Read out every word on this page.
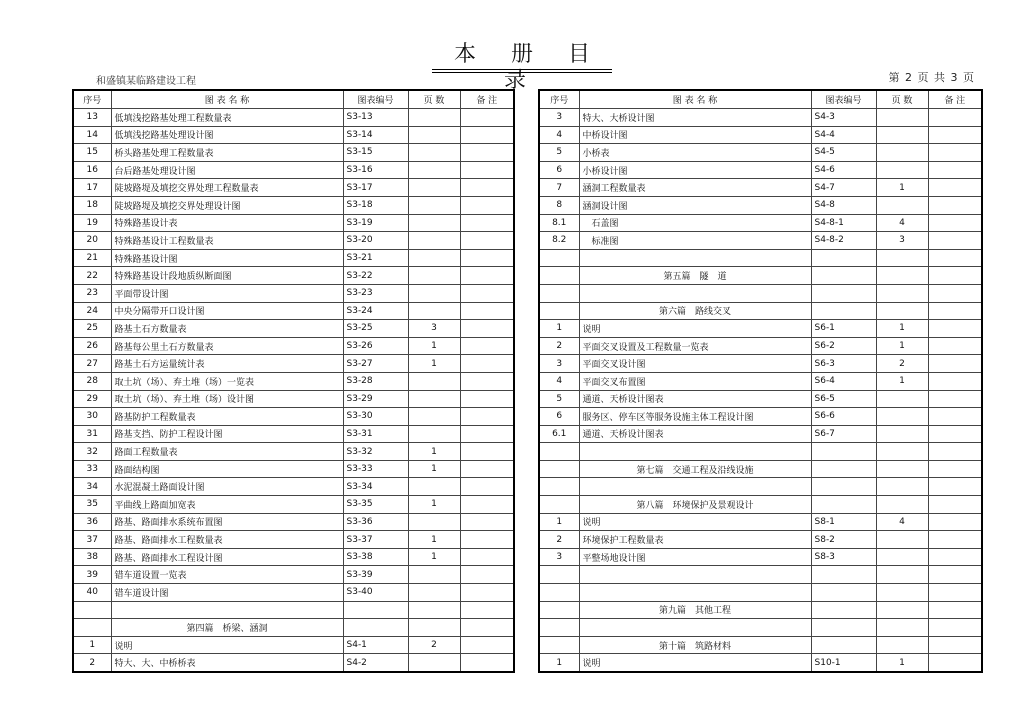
本 册 目 录
和盛镇某临路建设工程	第 2 页 共 3 页
序号	图 表 名 称	图表编号	页 数	备 注
13	低填浅挖路基处理工程数量表	S3-13		
14	低填浅挖路基处理设计图	S3-14		
15	桥头路基处理工程数量表	S3-15		
16	台后路基处理设计图	S3-16		
17	陡坡路堤及填挖交界处理工程数量表	S3-17		
18	陡坡路堤及填挖交界处理设计图	S3-18		
19	特殊路基设计表	S3-19		
20	特殊路基设计工程数量表	S3-20		
21	特殊路基设计图	S3-21		
22	特殊路基设计段地质纵断面图	S3-22		
23	平面带设计图	S3-23		
24	中央分隔带开口设计图	S3-24		
25	路基土石方数量表	S3-25	3	
26	路基每公里土石方数量表	S3-26	1	
27	路基土石方运量统计表	S3-27	1	
28	取土坑（场）、弃土堆（场）一览表	S3-28		
29	取土坑（场）、弃土堆（场）设计图	S3-29		
30	路基防护工程数量表	S3-30		
31	路基支挡、防护工程设计图	S3-31		
32	路面工程数量表	S3-32	1	
33	路面结构图	S3-33	1	
34	水泥混凝土路面设计图	S3-34		
35	平曲线上路面加宽表	S3-35	1	
36	路基、路面排水系统布置图	S3-36		
37	路基、路面排水工程数量表	S3-37	1	
38	路基、路面排水工程设计图	S3-38	1	
39	错车道设置一览表	S3-39		
40	错车道设计图	S3-40		

	第四篇　桥梁、涵洞			
1	说明	S4-1	2	
2	特大、大、中桥桥表	S4-2		
序号	图 表 名 称	图表编号	页 数	备 注
3	特大、大桥设计图	S4-3		
4	中桥设计图	S4-4		
5	小桥表	S4-5		
6	小桥设计图	S4-6		
7	涵洞工程数量表	S4-7	1	
8	涵洞设计图	S4-8		
8.1	　石盖图	S4-8-1	4	
8.2	　标准图	S4-8-2	3	

	第五篇　隧　道			

	第六篇　路线交叉			
1	说明	S6-1	1	
2	平面交叉设置及工程数量一览表	S6-2	1	
3	平面交叉设计图	S6-3	2	
4	平面交叉布置图	S6-4	1	
5	通道、天桥设计图表	S6-5		
6	服务区、停车区等服务设施主体工程设计图	S6-6		
6.1	通道、天桥设计图表	S6-7		

	第七篇　交通工程及沿线设施			

	第八篇　环境保护及景观设计			
1	说明	S8-1	4	
2	环境保护工程数量表	S8-2		
3	平整场地设计图	S8-3		

	第九篇　其他工程			

	第十篇　筑路材料			
1	说明	S10-1	1	
